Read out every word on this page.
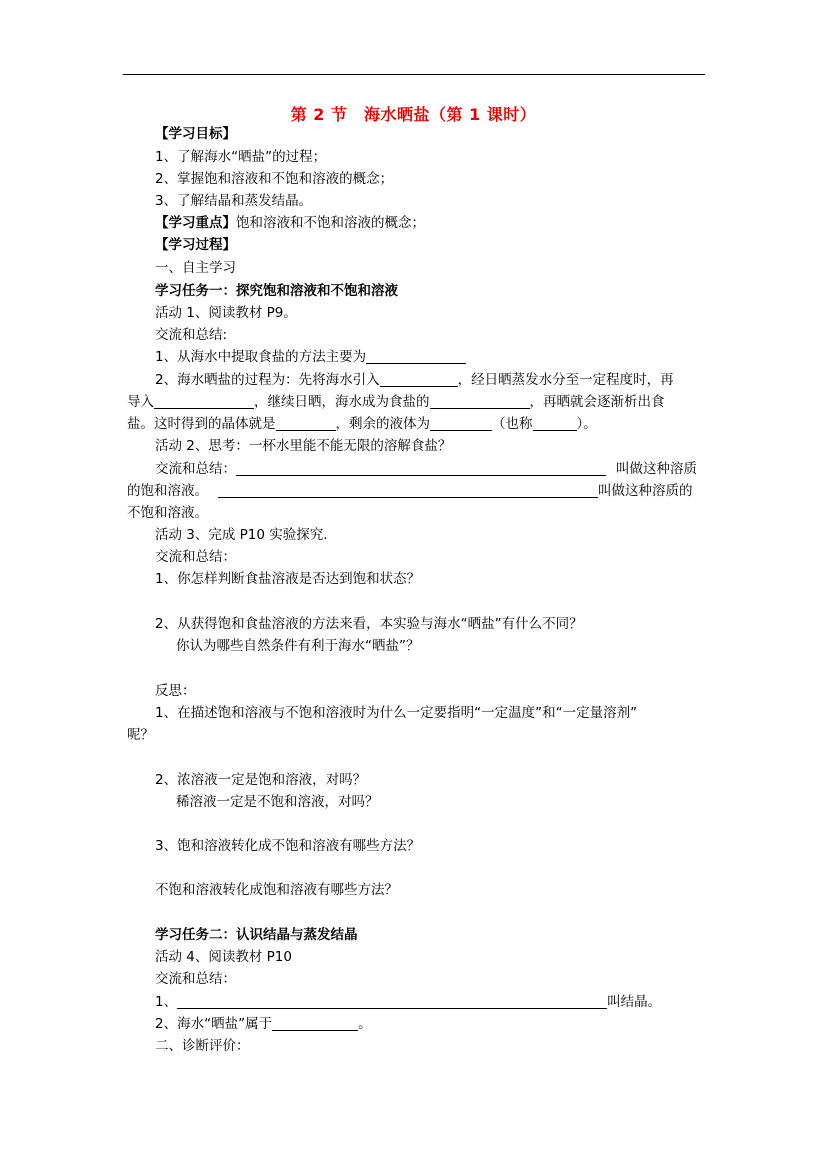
第 2 节　海水晒盐（第 1 课时）
【学习目标】
1、了解海水“晒盐”的过程；
2、掌握饱和溶液和不饱和溶液的概念；
3、了解结晶和蒸发结晶。
【学习重点】饱和溶液和不饱和溶液的概念；
【学习过程】
一、自主学习
学习任务一：探究饱和溶液和不饱和溶液
活动 1、阅读教材 P9。
交流和总结:
1、从海水中提取食盐的方法主要为
2、海水晒盐的过程为：先将海水引入	，经日晒蒸发水分至一定程度时，再
导入	，继续日晒，海水成为食盐的	，再晒就会逐渐析出食
盐。这时得到的晶体就是	，剩余的液体为	（也称	）。
活动 2、思考：一杯水里能不能无限的溶解食盐？
交流和总结：	叫做这种溶质
的饱和溶液。	叫做这种溶质的
不饱和溶液。
活动 3、完成 P10 实验探究.
交流和总结：
1、你怎样判断食盐溶液是否达到饱和状态？
2、从获得饱和食盐溶液的方法来看，本实验与海水“晒盐”有什么不同？
你认为哪些自然条件有利于海水“晒盐”？
反思：
1、在描述饱和溶液与不饱和溶液时为什么一定要指明“一定温度”和“一定量溶剂”
呢？
2、浓溶液一定是饱和溶液，对吗？
稀溶液一定是不饱和溶液，对吗？
3、饱和溶液转化成不饱和溶液有哪些方法？
不饱和溶液转化成饱和溶液有哪些方法？
学习任务二：认识结晶与蒸发结晶
活动 4、阅读教材 P10
交流和总结：
1、	叫结晶。
2、海水“晒盐”属于	。
二、诊断评价：
